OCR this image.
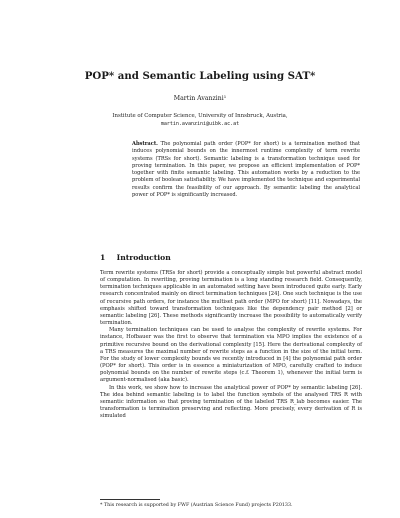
POP* and Semantic Labeling using SAT*
Martin Avanzini¹
Institute of Computer Science, University of Innsbruck, Austria,
martin.avanzini@uibk.ac.at

Abstract. The polynomial path order (POP* for short) is a termination method that induces polynomial bounds on the innermost runtime complexity of term rewrite systems (TRSs for short). Semantic labeling is a transformation technique used for proving termination. In this paper, we propose an efficient implementation of POP* together with finite semantic labeling. This automation works by a reduction to the problem of boolean satisfiability. We have implemented the technique and experimental results confirm the feasibility of our approach. By semantic labeling the analytical power of POP* is significantly increased.

1 Introduction

Term rewrite systems (TRSs for short) provide a conceptually simple but powerful abstract model of computation. In rewriting, proving termination is a long standing research field. Consequently, termination techniques applicable in an automated setting have been introduced quite early. Early research concentrated mainly on direct termination techniques [24]. One such technique is the use of recursive path orders, for instance the multiset path order (MPO for short) [11]. Nowadays, the emphasis shifted toward transformation techniques like the dependency pair method [2] or semantic labeling [26]. These methods significantly increase the possibility to automatically verify termination.

Many termination techniques can be used to analyse the complexity of rewrite systems. For instance, Hofbauer was the first to observe that termination via MPO implies the existence of a primitive recursive bound on the derivational complexity [15]. Here the derivational complexity of a TRS measures the maximal number of rewrite steps as a function in the size of the initial term. For the study of lower complexity bounds we recently introduced in [4] the polynomial path order (POP* for short). This order is in essence a miniaturization of MPO, carefully crafted to induce polynomial bounds on the number of rewrite steps (c.f. Theorem 1), whenever the initial term is argument-normalised (aka basic).

In this work, we show how to increase the analytical power of POP* by semantic labeling [26]. The idea behind semantic labeling is to label the function symbols of the analysed TRS R with semantic information so that proving termination of the labeled TRS R_lab becomes easier. The transformation is termination preserving and reflecting. More precisely, every derivation of R is simulated

* This research is supported by FWF (Austrian Science Fund) projects P20133.
